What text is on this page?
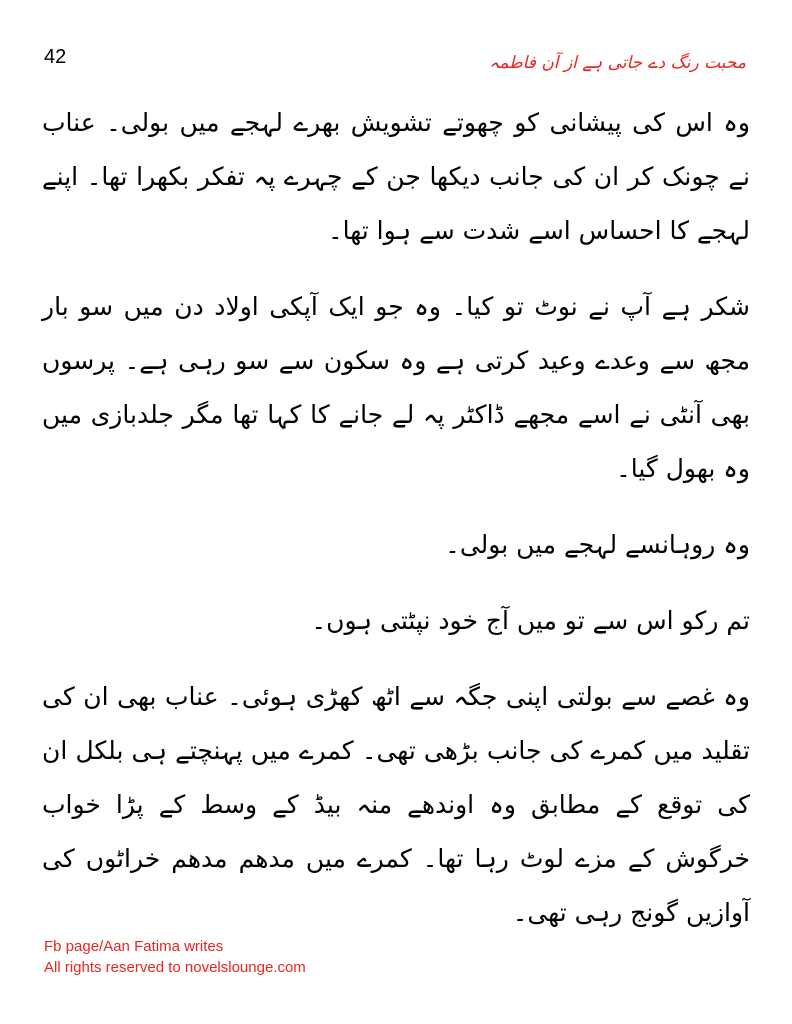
42	محبت رنگ دے جاتی ہے از آن فاطمہ

وہ اس کی پیشانی کو چھوتے تشویش بھرے لہجے میں بولی۔ عناب نے چونک کر ان کی جانب دیکھا جن کے چہرے پہ تفکر بکھرا تھا۔ اپنے لہجے کا احساس اسے شدت سے ہوا تھا۔

شکر ہے آپ نے نوٹ تو کیا۔ وہ جو ایک آپکی اولاد دن میں سو بار مجھ سے وعدے وعید کرتی ہے وہ سکون سے سو رہی ہے۔ پرسوں بھی آنٹی نے اسے مجھے ڈاکٹر پہ لے جانے کا کہا تھا مگر جلدبازی میں وہ بھول گیا۔

وہ روہانسے لہجے میں بولی۔

تم رکو اس سے تو میں آج خود نپٹتی ہوں۔

وہ غصے سے بولتی اپنی جگہ سے اٹھ کھڑی ہوئی۔ عناب بھی ان کی تقلید میں کمرے کی جانب بڑھی تھی۔ کمرے میں پہنچتے ہی بلکل ان کی توقع کے مطابق وہ اوندھے منہ بیڈ کے وسط کے پڑا خواب خرگوش کے مزے لوٹ رہا تھا۔ کمرے میں مدھم مدھم خراٹوں کی آوازیں گونج رہی تھی۔

Fb page/Aan Fatima writes
All rights reserved to novelslounge.com
